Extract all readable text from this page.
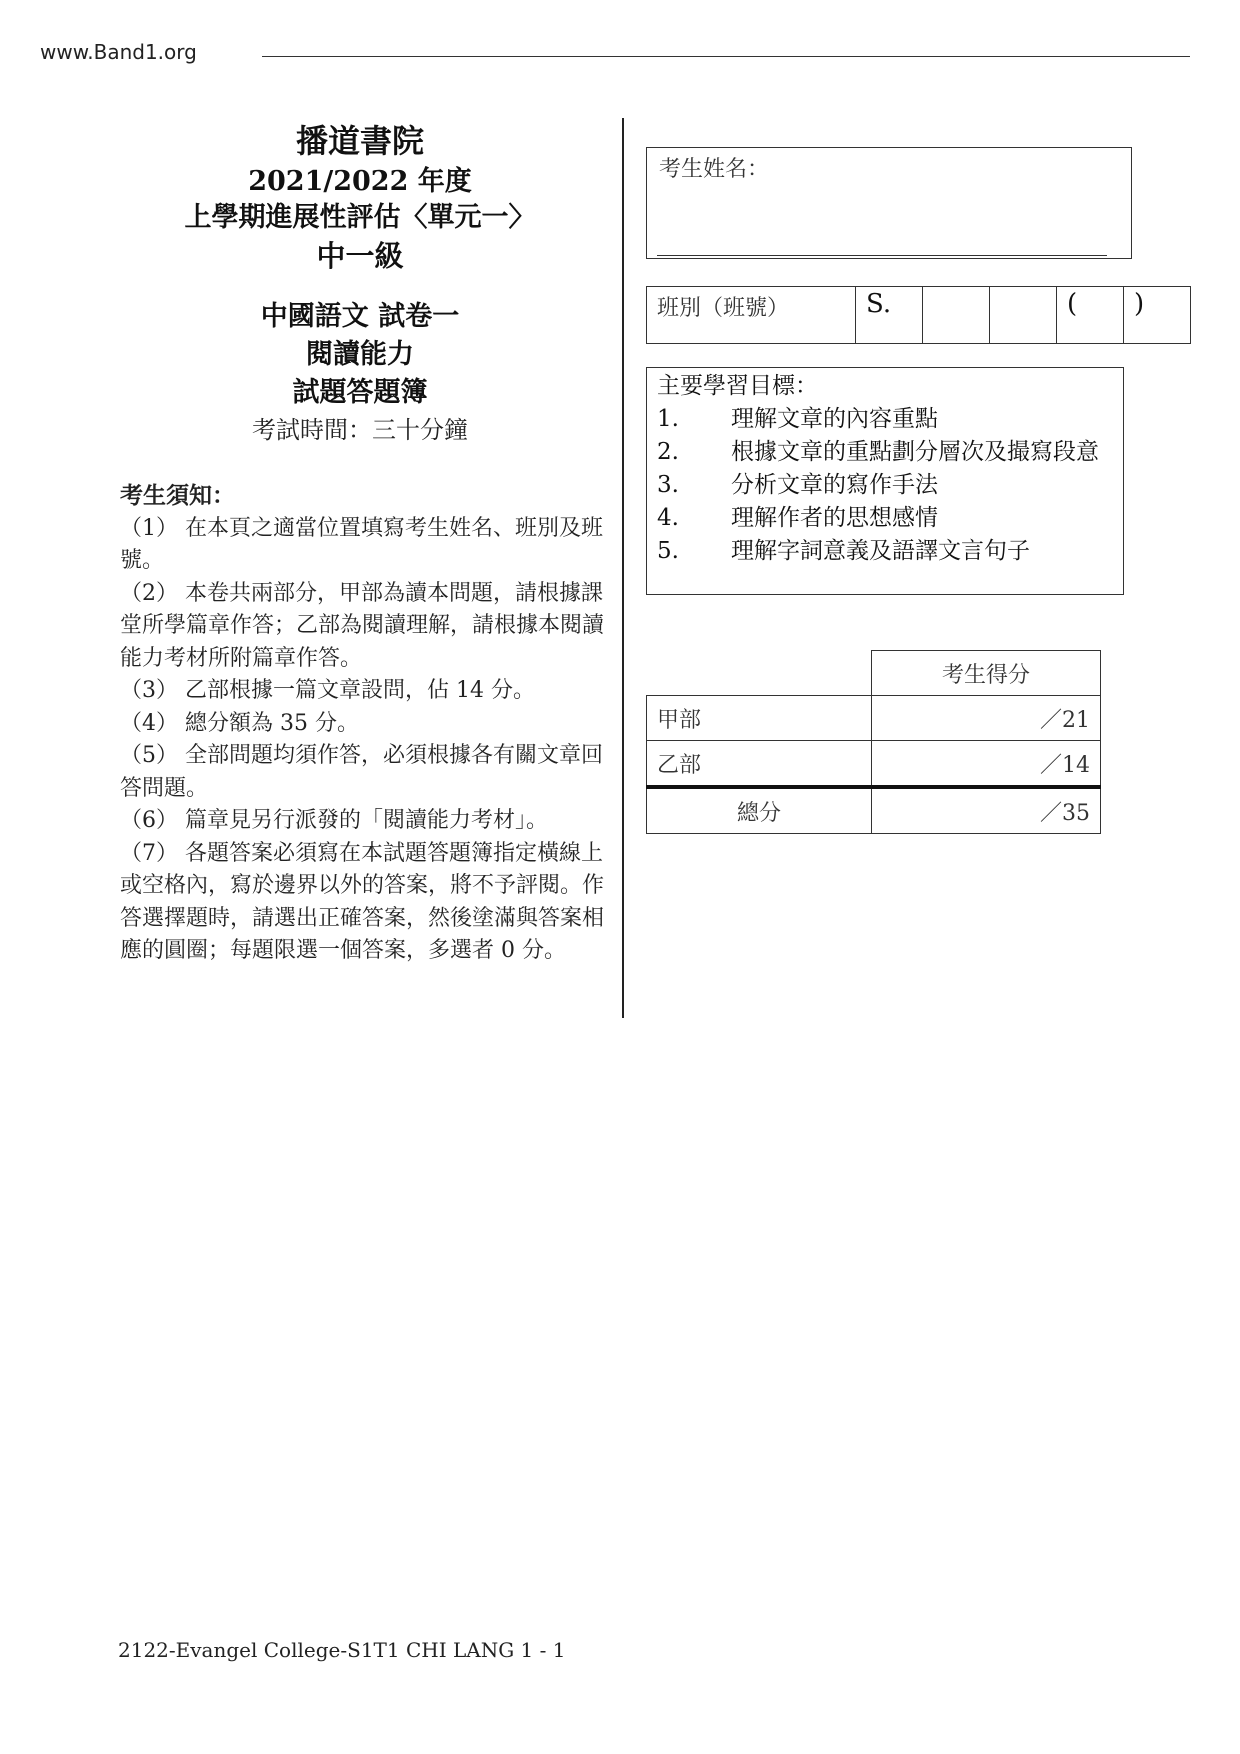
www.Band1.org
播道書院
2021/2022 年度
上學期進展性評估〈單元一〉
中一級
中國語文 試卷一
閱讀能力
試題答題簿
考試時間：三十分鐘
考生須知：
（1） 在本頁之適當位置填寫考生姓名、班別及班號。
（2） 本卷共兩部分，甲部為讀本問題，請根據課堂所學篇章作答；乙部為閱讀理解，請根據本閱讀能力考材所附篇章作答。
（3） 乙部根據一篇文章設問，佔 14 分。
（4） 總分額為 35 分。
（5） 全部問題均須作答，必須根據各有關文章回答問題。
（6） 篇章見另行派發的「閱讀能力考材」。
（7） 各題答案必須寫在本試題答題簿指定橫線上或空格內，寫於邊界以外的答案，將不予評閱。作答選擇題時，請選出正確答案，然後塗滿與答案相應的圓圈；每題限選一個答案，多選者 0 分。
考生姓名：
班別（班號）	S.			(	)
主要學習目標：
1.	理解文章的內容重點
2.	根據文章的重點劃分層次及撮寫段意
3.	分析文章的寫作手法
4.	理解作者的思想感情
5.	理解字詞意義及語譯文言句子
	考生得分
甲部	／21
乙部	／14
總分	／35
2122-Evangel College-S1T1 CHI LANG 1 - 1
